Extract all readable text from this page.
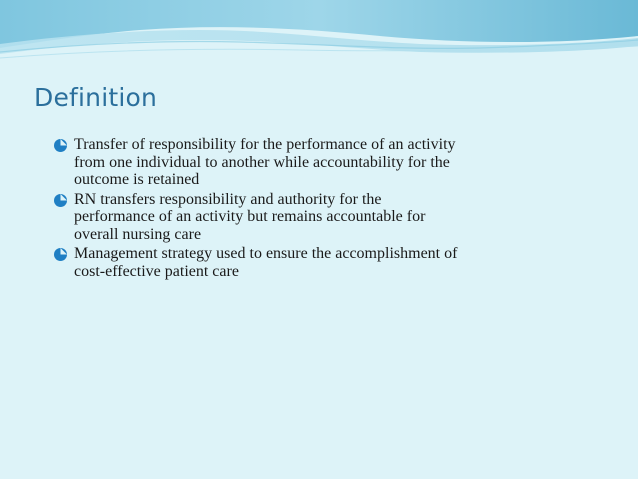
Definition
Transfer of responsibility for the performance of an activity
from one individual to another while accountability for the
outcome is retained
RN transfers responsibility and authority for the
performance of an activity but remains accountable for
overall nursing care
Management strategy used to ensure the accomplishment of
cost-effective patient care
